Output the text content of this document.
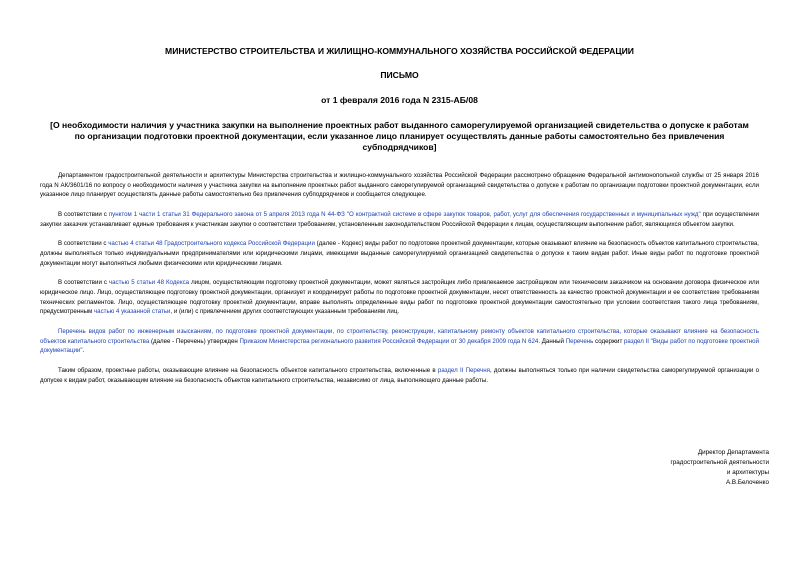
МИНИСТЕРСТВО СТРОИТЕЛЬСТВА И ЖИЛИЩНО-КОММУНАЛЬНОГО ХОЗЯЙСТВА РОССИЙСКОЙ ФЕДЕРАЦИИ

ПИСЬМО

от 1 февраля 2016 года N 2315-АБ/08

[О необходимости наличия у участника закупки на выполнение проектных работ выданного саморегулируемой организацией свидетельства о допуске к работам по организации подготовки проектной документации, если указанное лицо планирует осуществлять данные работы самостоятельно без привлечения субподрядчиков]

Департаментом градостроительной деятельности и архитектуры Министерства строительства и жилищно-коммунального хозяйства Российской Федерации рассмотрено обращение Федеральной антимонопольной службы от 25 января 2016 года N АК/3601/16 по вопросу о необходимости наличия у участника закупки на выполнение проектных работ выданного саморегулируемой организацией свидетельства о допуске к работам по организации подготовки проектной документации, если указанное лицо планирует осуществлять данные работы самостоятельно без привлечения субподрядчиков и сообщается следующее.

В соответствии с пунктом 1 части 1 статьи 31 Федерального закона от 5 апреля 2013 года N 44-ФЗ "О контрактной системе в сфере закупок товаров, работ, услуг для обеспечения государственных и муниципальных нужд" при осуществлении закупки заказчик устанавливает единые требования к участникам закупки о соответствии требованиям, установленным законодательством Российской Федерации к лицам, осуществляющим выполнение работ, являющихся объектом закупки.

В соответствии с частью 4 статьи 48 Градостроительного кодекса Российской Федерации (далее - Кодекс) виды работ по подготовке проектной документации, которые оказывают влияние на безопасность объектов капитального строительства, должны выполняться только индивидуальными предпринимателями или юридическими лицами, имеющими выданные саморегулируемой организацией свидетельства о допуске к таким видам работ. Иные виды работ по подготовке проектной документации могут выполняться любыми физическими или юридическими лицами.

В соответствии с частью 5 статьи 48 Кодекса лицом, осуществляющим подготовку проектной документации, может являться застройщик либо привлекаемое застройщиком или техническим заказчиком на основании договора физическое или юридическое лицо. Лицо, осуществляющее подготовку проектной документации, организует и координирует работы по подготовке проектной документации, несет ответственность за качество проектной документации и ее соответствие требованиям технических регламентов. Лицо, осуществляющее подготовку проектной документации, вправе выполнять определенные виды работ по подготовке проектной документации самостоятельно при условии соответствия такого лица требованиям, предусмотренным частью 4 указанной статьи, и (или) с привлечением других соответствующих указанным требованиям лиц.

Перечень видов работ по инженерным изысканиям, по подготовке проектной документации, по строительству, реконструкции, капитальному ремонту объектов капитального строительства, которые оказывают влияние на безопасность объектов капитального строительства (далее - Перечень) утвержден Приказом Министерства регионального развития Российской Федерации от 30 декабря 2009 года N 624. Данный Перечень содержит раздел II "Виды работ по подготовке проектной документации".

Таким образом, проектные работы, оказывающие влияние на безопасность объектов капитального строительства, включенные в раздел II Перечня, должны выполняться только при наличии свидетельства саморегулируемой организации о допуске к видам работ, оказывающим влияние на безопасность объектов капитального строительства, независимо от лица, выполняющего данные работы.

Директор Департамента
градостроительной деятельности
и архитектуры
А.В.Белоченко
